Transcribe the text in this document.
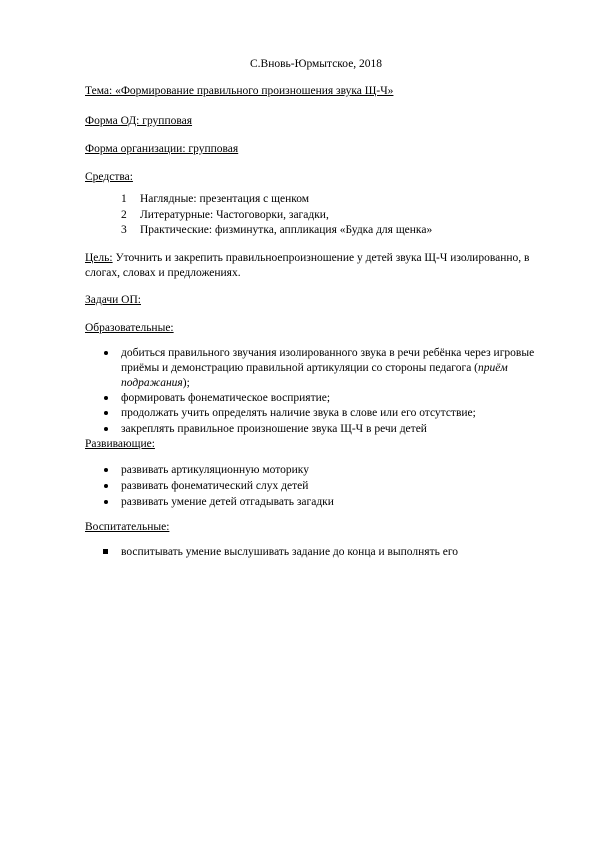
С.Вновь-Юрмытское, 2018
Тема: «Формирование правильного произношения звука Щ-Ч»
Форма ОД: групповая
Форма организации: групповая
Средства:
1 Наглядные: презентация с щенком
2 Литературные: Частоговорки, загадки,
3 Практические: физминутка, аппликация «Будка для щенка»
Цель: Уточнить и закрепить правильноепроизношение у детей звука Щ-Ч изолированно, в
слогах, словах и предложениях.
Задачи ОП:
Образовательные:
добиться правильного звучания изолированного звука в речи ребёнка через игровые
приёмы и демонстрацию правильной артикуляции со стороны педагога (приём
подражания);
формировать фонематическое восприятие;
продолжать учить определять наличие звука в слове или его отсутствие;
закреплять правильное произношение звука Щ-Ч в речи детей
Развивающие:
развивать артикуляционную моторику
развивать фонематический слух детей
развивать умение детей отгадывать загадки
Воспитательные:
воспитывать умение выслушивать задание до конца и выполнять его
